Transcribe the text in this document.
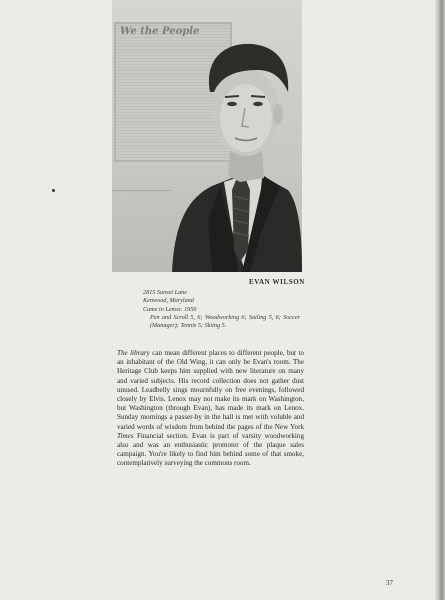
We the People
EVAN WILSON
2815 Sunset Lane
Kenwood, Maryland
Came to Lenox: 1956
Pen and Scroll 5, 6; Woodworking 6; Sailing 5, 6; Soccer (Manager); Tennis 5; Skiing 5.
The library can mean different places to different people, but to an inhabitant of the Old Wing, it can only be Evan's room. The Heritage Club keeps him supplied with new literature on many and varied subjects. His record collection does not gather dust unused. Leadbelly sings mournfully on free evenings, followed closely by Elvis. Lenox may not make its mark on Washington, but Washington (through Evan), has made its mark on Lenox. Sunday mornings a passer-by in the hall is met with voluble and varied words of wisdom from behind the pages of the New York Times Financial section. Evan is part of varsity woodworking also and was an enthusiastic promoter of the plaque sales campaign. You're likely to find him behind some of that smoke, contemplatively surveying the commons room.
37
